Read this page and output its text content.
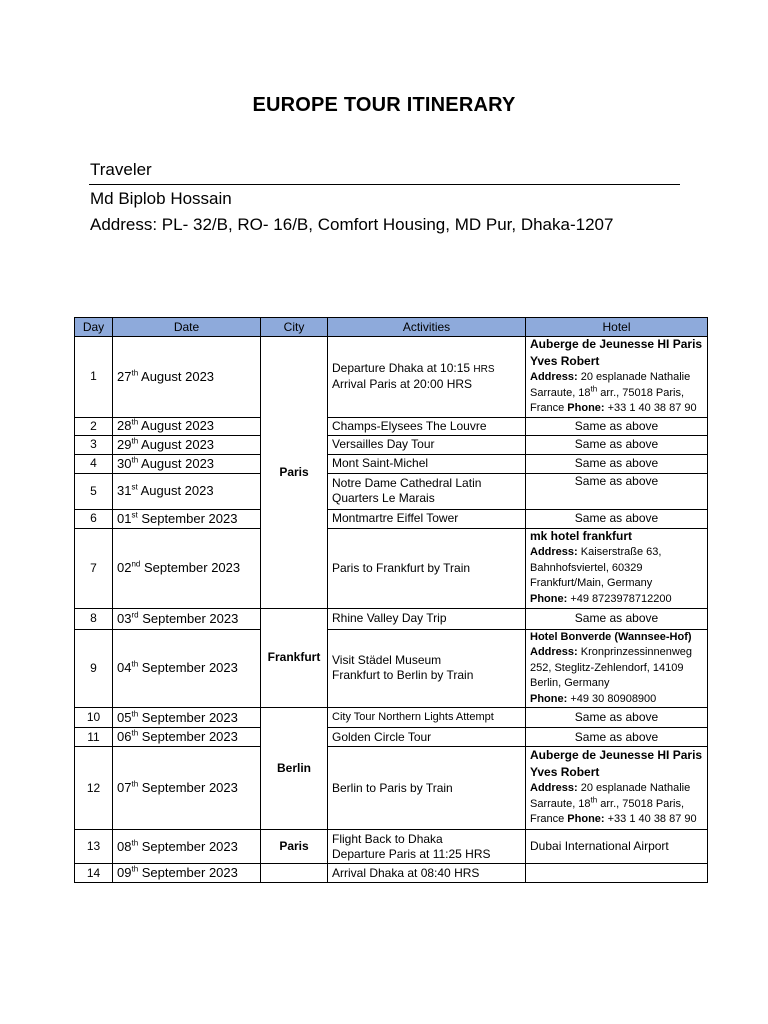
EUROPE TOUR ITINERARY
Traveler
Md Biplob Hossain
Address: PL- 32/B, RO- 16/B, Comfort Housing, MD Pur, Dhaka-1207
Day	Date	City	Activities	Hotel
1	27th August 2023	Paris	Departure Dhaka at 10:15 HRS
Arrival Paris at 20:00 HRS	Auberge de Jeunesse HI Paris
Yves Robert
Address: 20 esplanade Nathalie
Sarraute, 18th arr., 75018 Paris,
France Phone: +33 1 40 38 87 90
2	28th August 2023		Champs-Elysees The Louvre	Same as above
3	29th August 2023		Versailles Day Tour	Same as above
4	30th August 2023		Mont Saint-Michel	Same as above
5	31st August 2023		Notre Dame Cathedral Latin
Quarters Le Marais	Same as above
6	01st September 2023		Montmartre Eiffel Tower	Same as above
7	02nd September 2023		Paris to Frankfurt by Train	mk hotel frankfurt
Address: Kaiserstraße 63,
Bahnhofsviertel, 60329
Frankfurt/Main, Germany
Phone: +49 8723978712200
8	03rd September 2023	Frankfurt	Rhine Valley Day Trip	Same as above
9	04th September 2023		Visit Städel Museum
Frankfurt to Berlin by Train	Hotel Bonverde (Wannsee-Hof)
Address: Kronprinzessinnenweg
252, Steglitz-Zehlendorf, 14109
Berlin, Germany
Phone: +49 30 80908900
10	05th September 2023	Berlin	City Tour Northern Lights Attempt	Same as above
11	06th September 2023		Golden Circle Tour	Same as above
12	07th September 2023		Berlin to Paris by Train	Auberge de Jeunesse HI Paris
Yves Robert
Address: 20 esplanade Nathalie
Sarraute, 18th arr., 75018 Paris,
France Phone: +33 1 40 38 87 90
13	08th September 2023	Paris	Flight Back to Dhaka
Departure Paris at 11:25 HRS	Dubai International Airport
14	09th September 2023		Arrival Dhaka at 08:40 HRS	
